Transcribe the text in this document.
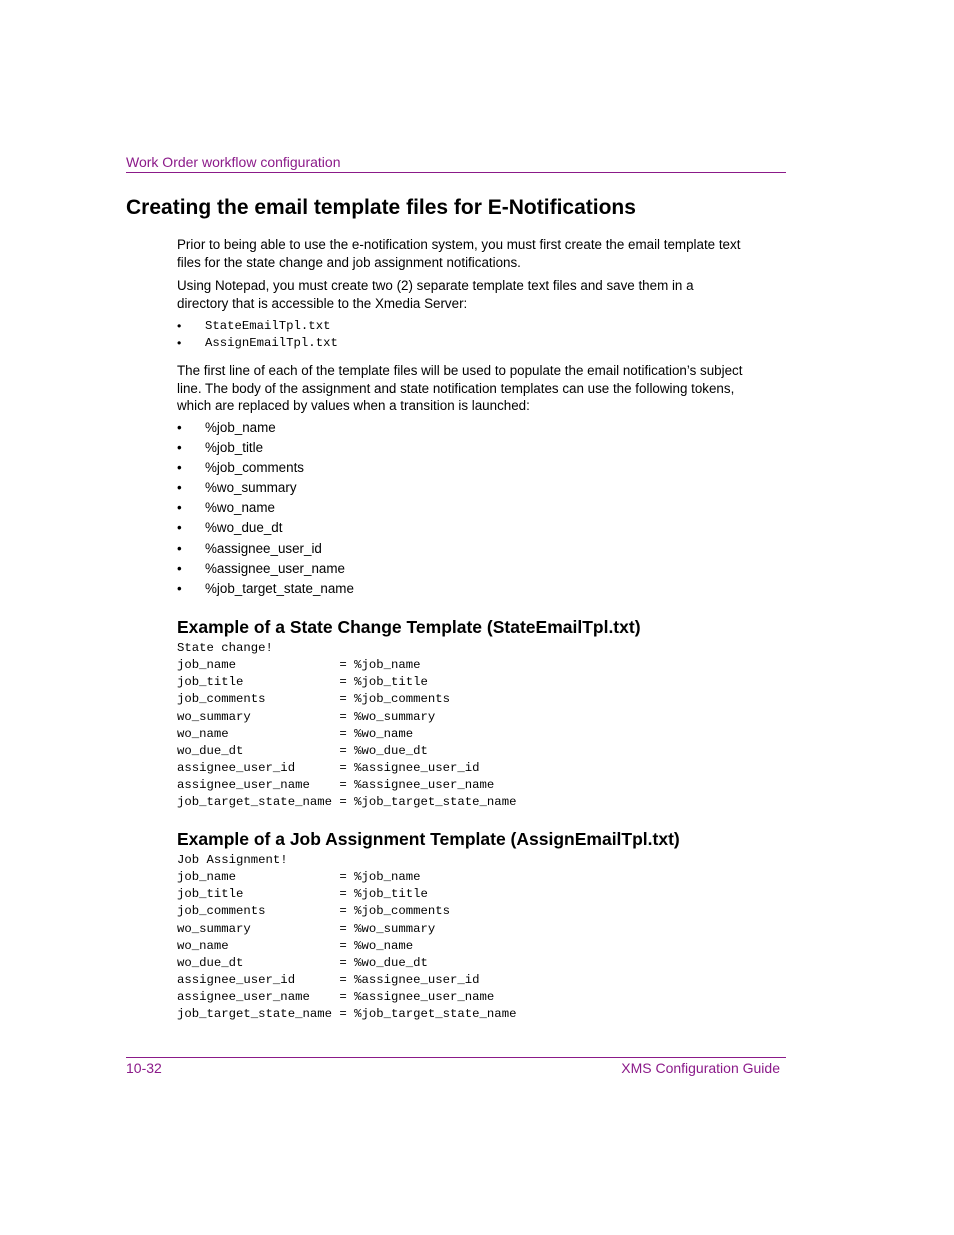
Work Order workflow configuration
Creating the email template files for E-Notifications

Prior to being able to use the e-notification system, you must first create the email template text files for the state change and job assignment notifications.

Using Notepad, you must create two (2) separate template text files and save them in a directory that is accessible to the Xmedia Server:

• StateEmailTpl.txt
• AssignEmailTpl.txt

The first line of each of the template files will be used to populate the email notification’s subject line. The body of the assignment and state notification templates can use the following tokens, which are replaced by values when a transition is launched:

• %job_name
• %job_title
• %job_comments
• %wo_summary
• %wo_name
• %wo_due_dt
• %assignee_user_id
• %assignee_user_name
• %job_target_state_name
Example of a State Change Template (StateEmailTpl.txt)
State change!
job_name              = %job_name
job_title             = %job_title
job_comments          = %job_comments
wo_summary            = %wo_summary
wo_name               = %wo_name
wo_due_dt             = %wo_due_dt
assignee_user_id      = %assignee_user_id
assignee_user_name    = %assignee_user_name
job_target_state_name = %job_target_state_name
Example of a Job Assignment Template (AssignEmailTpl.txt)
Job Assignment!
job_name              = %job_name
job_title             = %job_title
job_comments          = %job_comments
wo_summary            = %wo_summary
wo_name               = %wo_name
wo_due_dt             = %wo_due_dt
assignee_user_id      = %assignee_user_id
assignee_user_name    = %assignee_user_name
job_target_state_name = %job_target_state_name
10-32	XMS Configuration Guide
